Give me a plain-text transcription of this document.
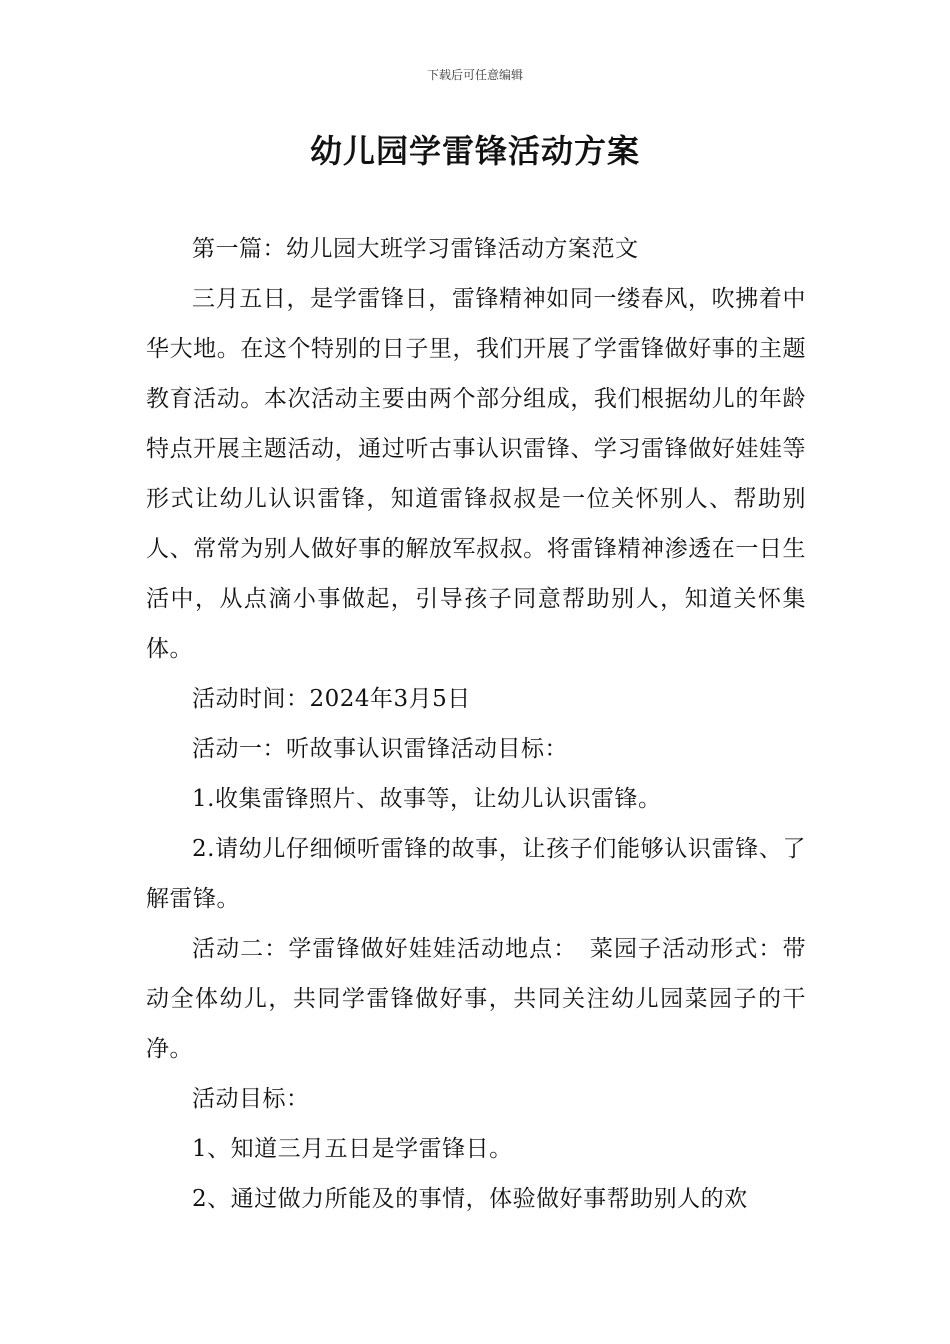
下载后可任意编辑
幼儿园学雷锋活动方案

第一篇：幼儿园大班学习雷锋活动方案范文

三月五日，是学雷锋日，雷锋精神如同一缕春风，吹拂着中华大地。在这个特别的日子里，我们开展了学雷锋做好事的主题教育活动。本次活动主要由两个部分组成，我们根据幼儿的年龄特点开展主题活动，通过听古事认识雷锋、学习雷锋做好娃娃等形式让幼儿认识雷锋，知道雷锋叔叔是一位关怀别人、帮助别人、常常为别人做好事的解放军叔叔。将雷锋精神渗透在一日生活中，从点滴小事做起，引导孩子同意帮助别人，知道关怀集体。

活动时间：2024年3月5日

活动一：听故事认识雷锋活动目标：

1.收集雷锋照片、故事等，让幼儿认识雷锋。

2.请幼儿仔细倾听雷锋的故事，让孩子们能够认识雷锋、了解雷锋。

活动二：学雷锋做好娃娃活动地点：　菜园子活动形式：带动全体幼儿，共同学雷锋做好事，共同关注幼儿园菜园子的干净。

活动目标：

1、知道三月五日是学雷锋日。

2、通过做力所能及的事情，体验做好事帮助别人的欢
